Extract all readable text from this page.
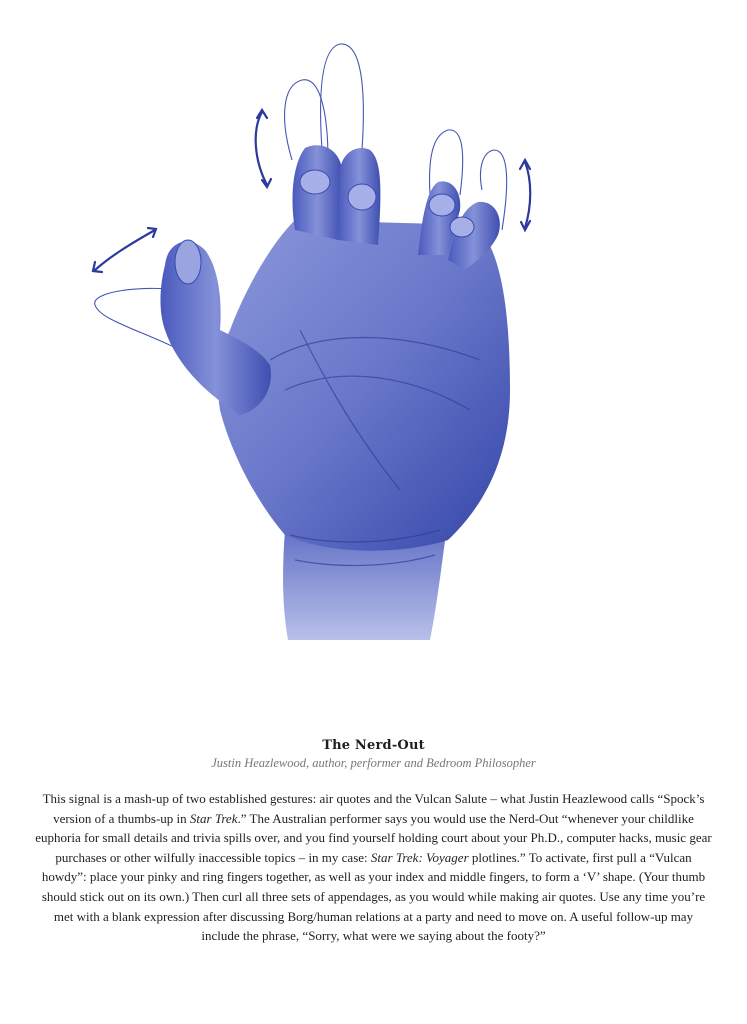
The Nerd-Out
Justin Heazlewood, author, performer and Bedroom Philosopher

This signal is a mash-up of two established gestures: air quotes and the Vulcan Salute – what Justin Heazlewood calls “Spock’s version of a thumbs-up in Star Trek.” The Australian performer says you would use the Nerd-Out “whenever your childlike euphoria for small details and trivia spills over, and you find yourself holding court about your Ph.D., computer hacks, music gear purchases or other wilfully inaccessible topics – in my case: Star Trek: Voyager plotlines.” To activate, first pull a “Vulcan howdy”: place your pinky and ring fingers together, as well as your index and middle fingers, to form a ‘V’ shape. (Your thumb should stick out on its own.) Then curl all three sets of appendages, as you would while making air quotes. Use any time you’re met with a blank expression after discussing Borg/human relations at a party and need to move on. A useful follow-up may include the phrase, “Sorry, what were we saying about the footy?”
